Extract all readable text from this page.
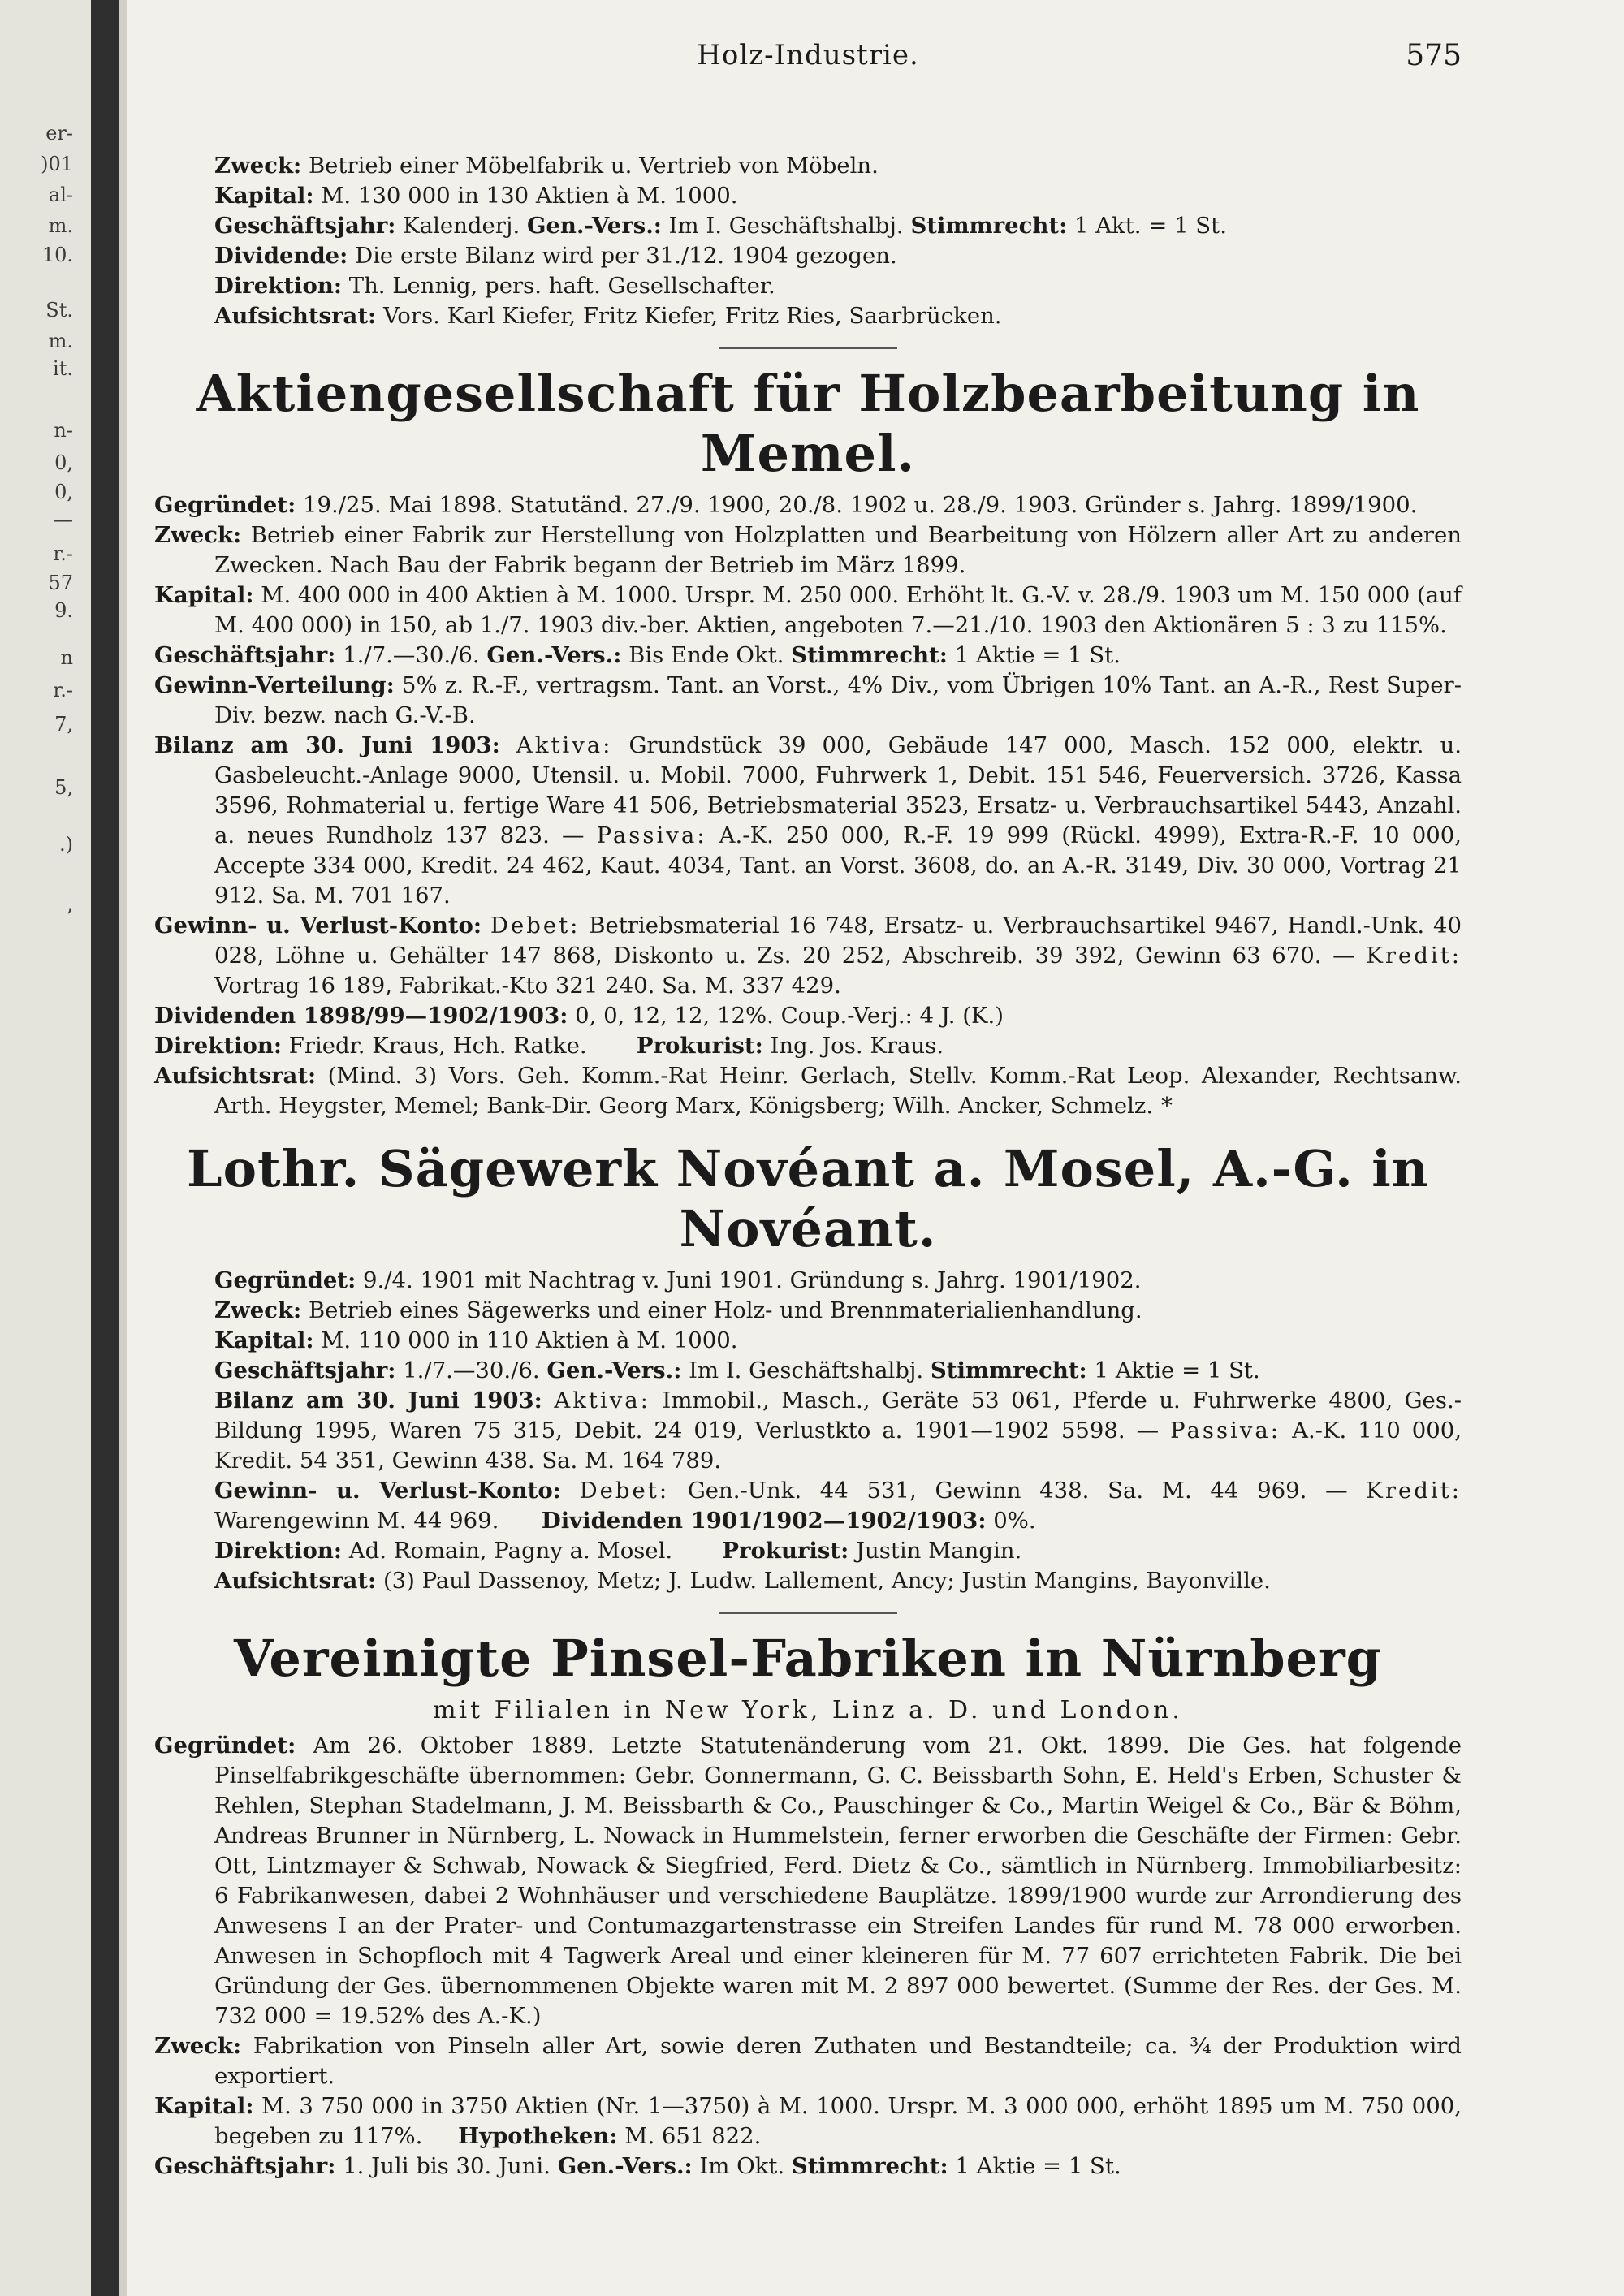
er-
)01
al-
m.
10.
St.
m.
it.
n-
0,
0,
—
r.-
57
9.
n
r.-
7,
5,
.)
,
Holz-Industrie.	575

Zweck: Betrieb einer Möbelfabrik u. Vertrieb von Möbeln.

Kapital: M. 130 000 in 130 Aktien à M. 1000.

Geschäftsjahr: Kalenderj. Gen.-Vers.: Im I. Geschäftshalbj. Stimmrecht: 1 Akt. = 1 St.

Dividende: Die erste Bilanz wird per 31./12. 1904 gezogen.

Direktion: Th. Lennig, pers. haft. Gesellschafter.

Aufsichtsrat: Vors. Karl Kiefer, Fritz Kiefer, Fritz Ries, Saarbrücken.

Aktiengesellschaft für Holzbearbeitung in Memel.

Gegründet: 19./25. Mai 1898. Statutänd. 27./9. 1900, 20./8. 1902 u. 28./9. 1903. Gründer s. Jahrg. 1899/1900.

Zweck: Betrieb einer Fabrik zur Herstellung von Holzplatten und Bearbeitung von Hölzern aller Art zu anderen Zwecken. Nach Bau der Fabrik begann der Betrieb im März 1899.

Kapital: M. 400 000 in 400 Aktien à M. 1000. Urspr. M. 250 000. Erhöht lt. G.-V. v. 28./9. 1903 um M. 150 000 (auf M. 400 000) in 150, ab 1./7. 1903 div.-ber. Aktien, angeboten 7.—21./10. 1903 den Aktionären 5 : 3 zu 115%.

Geschäftsjahr: 1./7.—30./6. Gen.-Vers.: Bis Ende Okt. Stimmrecht: 1 Aktie = 1 St.

Gewinn-Verteilung: 5% z. R.-F., vertragsm. Tant. an Vorst., 4% Div., vom Übrigen 10% Tant. an A.-R., Rest Super-Div. bezw. nach G.-V.-B.

Bilanz am 30. Juni 1903: Aktiva: Grundstück 39 000, Gebäude 147 000, Masch. 152 000, elektr. u. Gasbeleucht.-Anlage 9000, Utensil. u. Mobil. 7000, Fuhrwerk 1, Debit. 151 546, Feuerversich. 3726, Kassa 3596, Rohmaterial u. fertige Ware 41 506, Betriebsmaterial 3523, Ersatz- u. Verbrauchsartikel 5443, Anzahl. a. neues Rundholz 137 823. — Passiva: A.-K. 250 000, R.-F. 19 999 (Rückl. 4999), Extra-R.-F. 10 000, Accepte 334 000, Kredit. 24 462, Kaut. 4034, Tant. an Vorst. 3608, do. an A.-R. 3149, Div. 30 000, Vortrag 21 912. Sa. M. 701 167.

Gewinn- u. Verlust-Konto: Debet: Betriebsmaterial 16 748, Ersatz- u. Verbrauchsartikel 9467, Handl.-Unk. 40 028, Löhne u. Gehälter 147 868, Diskonto u. Zs. 20 252, Abschreib. 39 392, Gewinn 63 670. — Kredit: Vortrag 16 189, Fabrikat.-Kto 321 240. Sa. M. 337 429.

Dividenden 1898/99—1902/1903: 0, 0, 12, 12, 12%. Coup.-Verj.: 4 J. (K.)

Direktion: Friedr. Kraus, Hch. Ratke. Prokurist: Ing. Jos. Kraus.

Aufsichtsrat: (Mind. 3) Vors. Geh. Komm.-Rat Heinr. Gerlach, Stellv. Komm.-Rat Leop. Alexander, Rechtsanw. Arth. Heygster, Memel; Bank-Dir. Georg Marx, Königsberg; Wilh. Ancker, Schmelz. *

Lothr. Sägewerk Novéant a. Mosel, A.-G. in Novéant.

Gegründet: 9./4. 1901 mit Nachtrag v. Juni 1901. Gründung s. Jahrg. 1901/1902.

Zweck: Betrieb eines Sägewerks und einer Holz- und Brennmaterialienhandlung.

Kapital: M. 110 000 in 110 Aktien à M. 1000.

Geschäftsjahr: 1./7.—30./6. Gen.-Vers.: Im I. Geschäftshalbj. Stimmrecht: 1 Aktie = 1 St.

Bilanz am 30. Juni 1903: Aktiva: Immobil., Masch., Geräte 53 061, Pferde u. Fuhrwerke 4800, Ges.-Bildung 1995, Waren 75 315, Debit. 24 019, Verlustkto a. 1901—1902 5598. — Passiva: A.-K. 110 000, Kredit. 54 351, Gewinn 438. Sa. M. 164 789.

Gewinn- u. Verlust-Konto: Debet: Gen.-Unk. 44 531, Gewinn 438. Sa. M. 44 969. — Kredit: Warengewinn M. 44 969. Dividenden 1901/1902—1902/1903: 0%.

Direktion: Ad. Romain, Pagny a. Mosel. Prokurist: Justin Mangin.

Aufsichtsrat: (3) Paul Dassenoy, Metz; J. Ludw. Lallement, Ancy; Justin Mangins, Bayonville.

Vereinigte Pinsel-Fabriken in Nürnberg
mit Filialen in New York, Linz a. D. und London.

Gegründet: Am 26. Oktober 1889. Letzte Statutenänderung vom 21. Okt. 1899. Die Ges. hat folgende Pinselfabrikgeschäfte übernommen: Gebr. Gonnermann, G. C. Beissbarth Sohn, E. Held's Erben, Schuster & Rehlen, Stephan Stadelmann, J. M. Beissbarth & Co., Pauschinger & Co., Martin Weigel & Co., Bär & Böhm, Andreas Brunner in Nürnberg, L. Nowack in Hummelstein, ferner erworben die Geschäfte der Firmen: Gebr. Ott, Lintzmayer & Schwab, Nowack & Siegfried, Ferd. Dietz & Co., sämtlich in Nürnberg. Immobiliarbesitz: 6 Fabrikanwesen, dabei 2 Wohnhäuser und verschiedene Bauplätze. 1899/1900 wurde zur Arrondierung des Anwesens I an der Prater- und Contumazgartenstrasse ein Streifen Landes für rund M. 78 000 erworben. Anwesen in Schopfloch mit 4 Tagwerk Areal und einer kleineren für M. 77 607 errichteten Fabrik. Die bei Gründung der Ges. übernommenen Objekte waren mit M. 2 897 000 bewertet. (Summe der Res. der Ges. M. 732 000 = 19.52% des A.-K.)

Zweck: Fabrikation von Pinseln aller Art, sowie deren Zuthaten und Bestandteile; ca. ¾ der Produktion wird exportiert.

Kapital: M. 3 750 000 in 3750 Aktien (Nr. 1—3750) à M. 1000. Urspr. M. 3 000 000, erhöht 1895 um M. 750 000, begeben zu 117%. Hypotheken: M. 651 822.

Geschäftsjahr: 1. Juli bis 30. Juni. Gen.-Vers.: Im Okt. Stimmrecht: 1 Aktie = 1 St.
